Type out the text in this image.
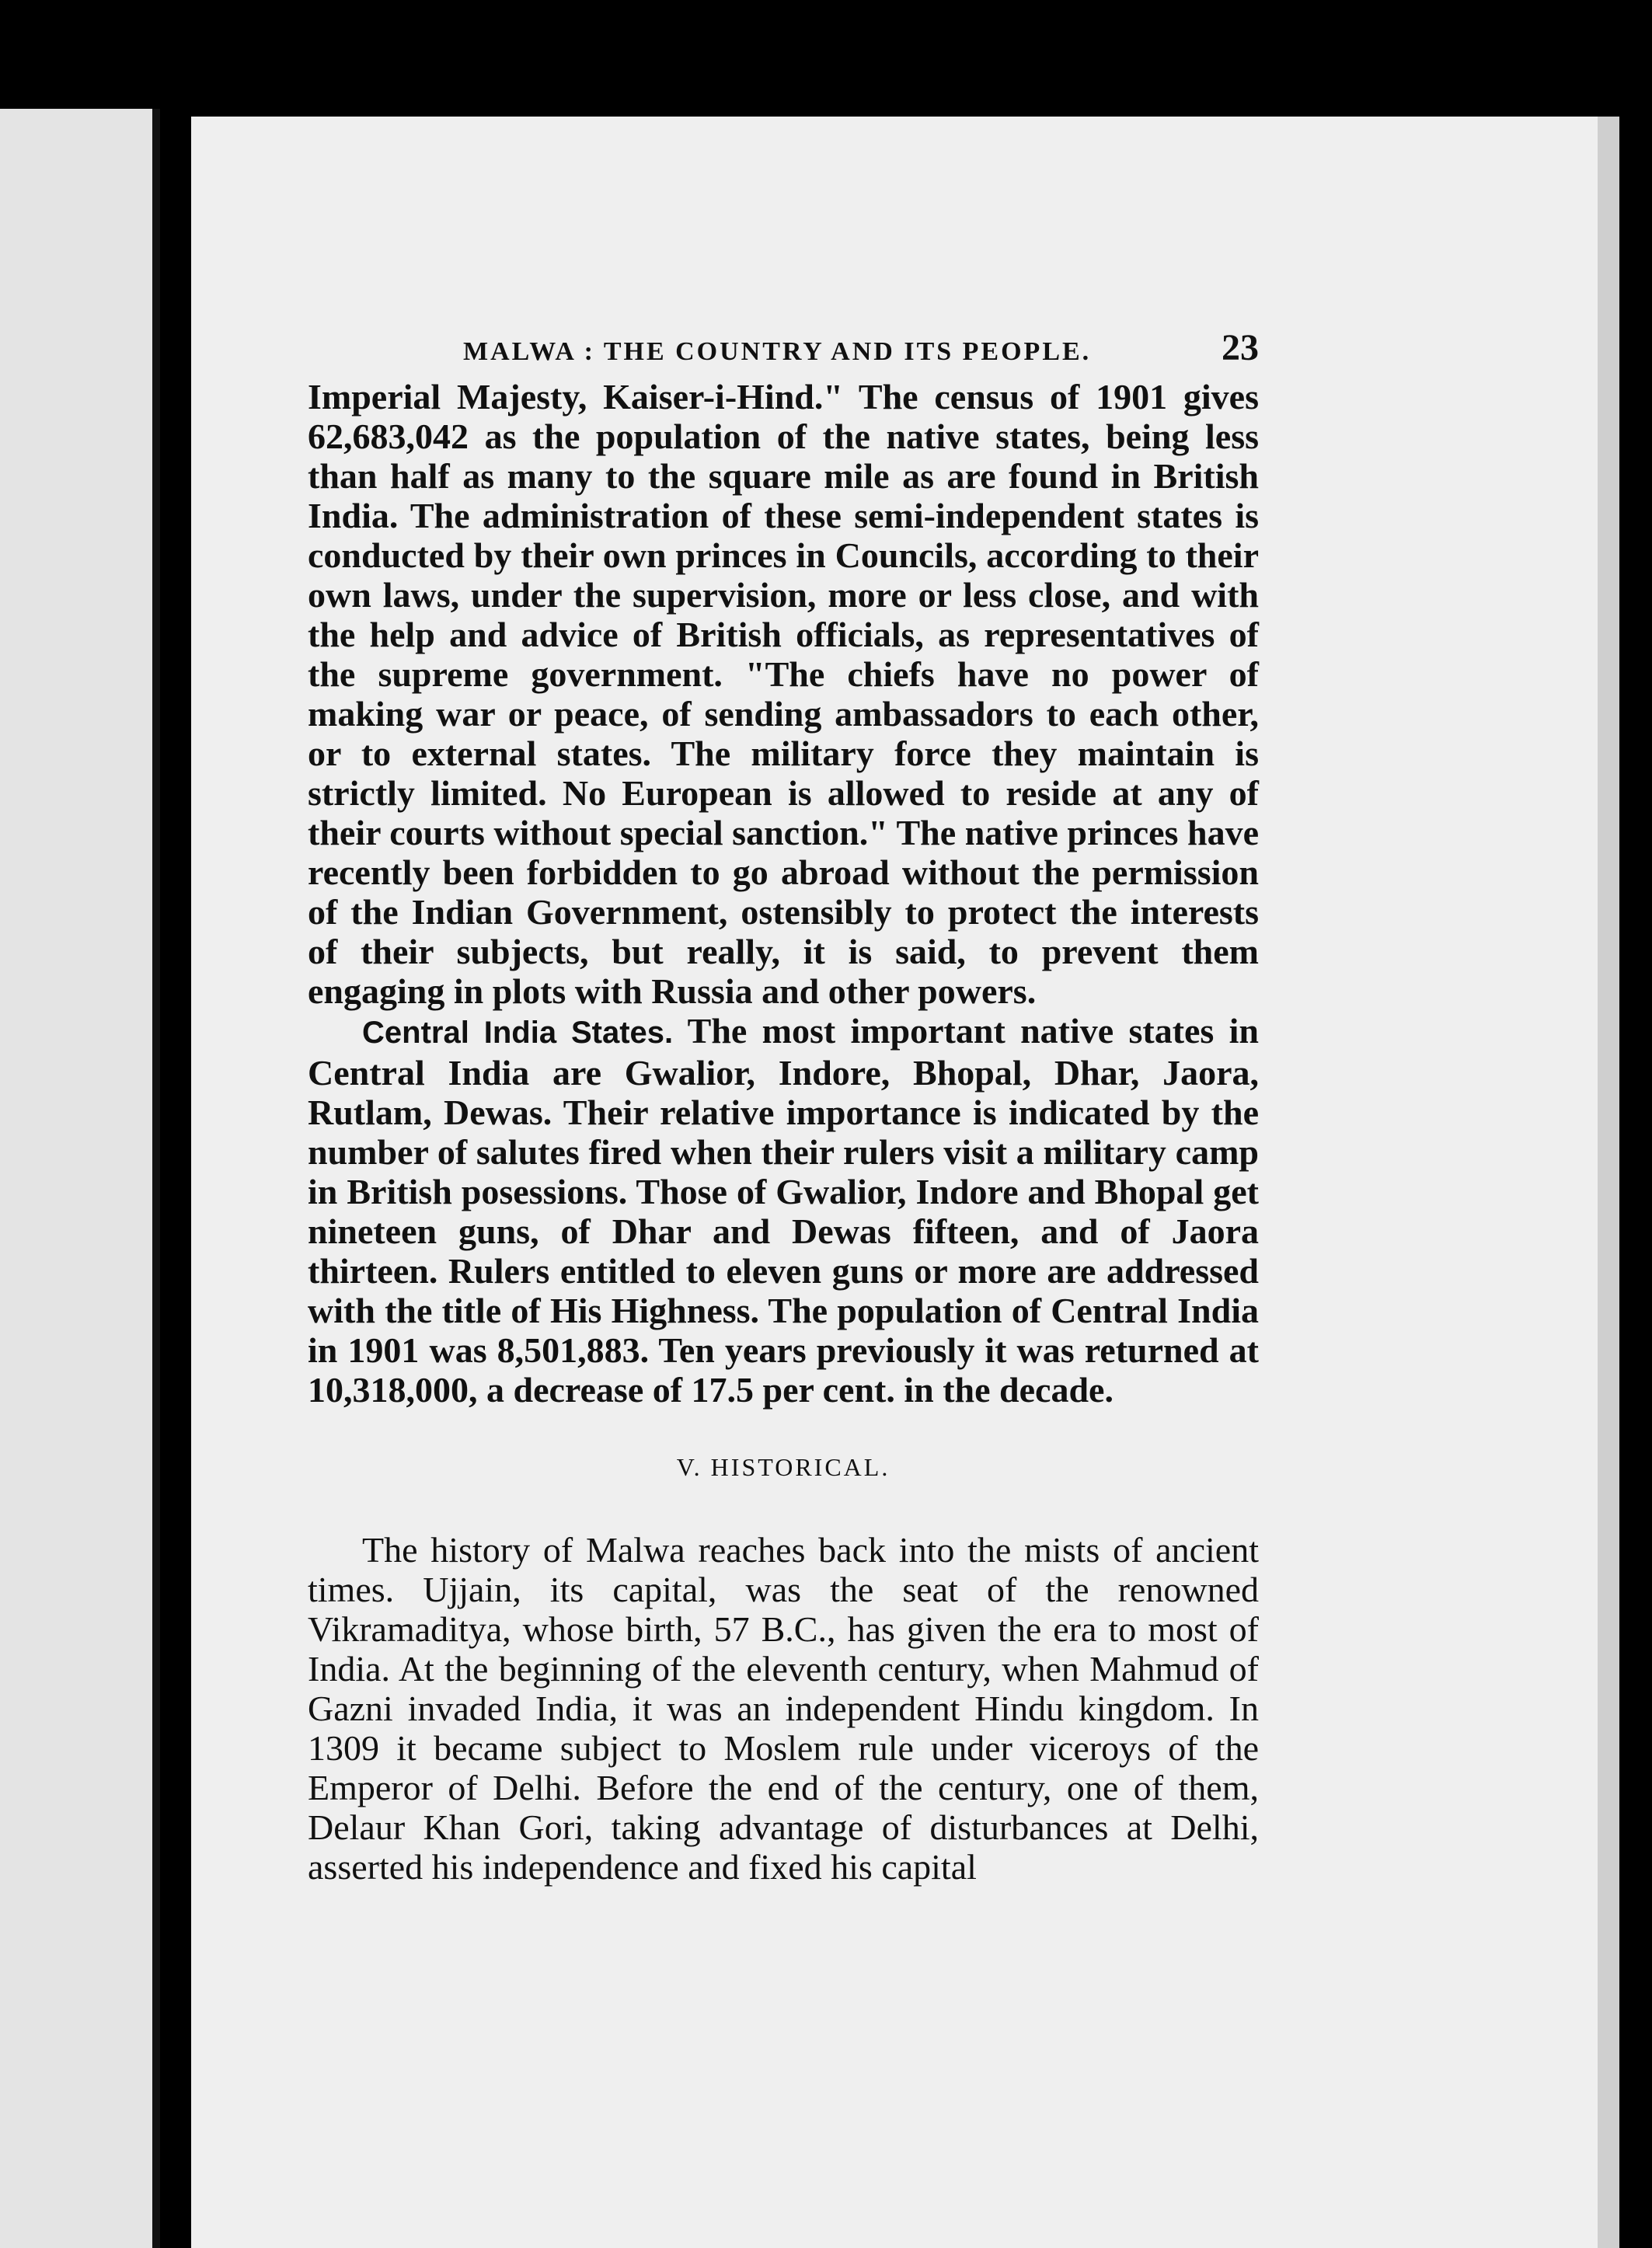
MALWA : THE COUNTRY AND ITS PEOPLE.	23

Imperial Majesty, Kaiser-i-Hind." The census of 1901 gives 62,683,042 as the population of the native states, being less than half as many to the square mile as are found in British India. The administration of these semi-independent states is conducted by their own princes in Councils, according to their own laws, under the supervision, more or less close, and with the help and advice of British officials, as representatives of the supreme government. "The chiefs have no power of making war or peace, of sending ambassadors to each other, or to external states. The military force they maintain is strictly limited. No European is allowed to reside at any of their courts without special sanction." The native princes have recently been forbidden to go abroad without the permission of the Indian Government, ostensibly to protect the interests of their subjects, but really, it is said, to prevent them engaging in plots with Russia and other powers.

Central India States. The most important native states in Central India are Gwalior, Indore, Bhopal, Dhar, Jaora, Rutlam, Dewas. Their relative importance is indicated by the number of salutes fired when their rulers visit a military camp in British posessions. Those of Gwalior, Indore and Bhopal get nineteen guns, of Dhar and Dewas fifteen, and of Jaora thirteen. Rulers entitled to eleven guns or more are addressed with the title of His Highness. The population of Central India in 1901 was 8,501,883. Ten years previously it was returned at 10,318,000, a decrease of 17.5 per cent. in the decade.

V. HISTORICAL.

The history of Malwa reaches back into the mists of ancient times. Ujjain, its capital, was the seat of the renowned Vikramaditya, whose birth, 57 B.C., has given the era to most of India. At the beginning of the eleventh century, when Mahmud of Gazni invaded India, it was an independent Hindu kingdom. In 1309 it became subject to Moslem rule under viceroys of the Emperor of Delhi. Before the end of the century, one of them, Delaur Khan Gori, taking advantage of disturbances at Delhi, asserted his independence and fixed his capital
